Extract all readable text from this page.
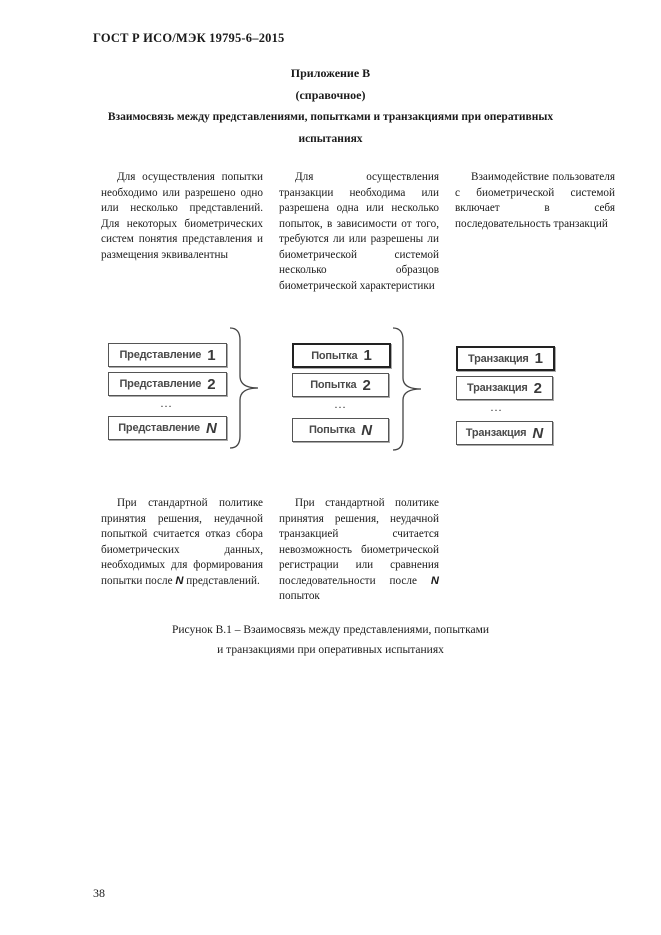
ГОСТ Р ИСО/МЭК 19795-6–2015
Приложение В
(справочное)
Взаимосвязь между представлениями, попытками и транзакциями при оперативных
испытаниях
Для осуществления попытки необходимо или разрешено одно или несколько представлений. Для некоторых биометрических систем понятия представления и размещения эквивалентны
Для осуществления транзакции необходима или разрешена одна или несколько попыток, в зависимости от того, требуются ли или разрешены ли биометрической системой несколько образцов биометрической характеристики
Взаимодействие пользователя с биометрической системой включает в себя последовательность транзакций
Представление 1
Представление 2
…
Представление N
Попытка 1
Попытка 2
…
Попытка N
Транзакция 1
Транзакция 2
…
Транзакция N
При стандартной политике принятия решения, неудачной попыткой считается отказ сбора биометрических данных, необходимых для формирования попытки после N представлений.
При стандартной политике принятия решения, неудачной транзакцией считается невозможность биометрической регистрации или сравнения последовательности после N попыток
Рисунок В.1 – Взаимосвязь между представлениями, попытками
и транзакциями при оперативных испытаниях
38
